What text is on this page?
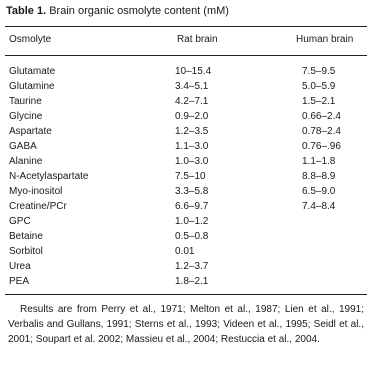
Table 1. Brain organic osmolyte content (mM)
Osmolyte	Rat brain	Human brain
Glutamate	10–15.4	7.5–9.5
Glutamine	3.4–5.1	5.0–5.9
Taurine	4.2–7.1	1.5–2.1
Glycine	0.9–2.0	0.66–2.4
Aspartate	1.2–3.5	0.78–2.4
GABA	1.1–3.0	0.76–.96
Alanine	1.0–3.0	1.1–1.8
N-Acetylaspartate	7.5–10	8.8–8.9
Myo-inositol	3.3–5.8	6.5–9.0
Creatine/PCr	6.6–9.7	7.4–8.4
GPC	1.0–1.2
Betaine	0.5–0.8
Sorbitol	0.01
Urea	1.2–3.7
PEA	1.8–2.1
Results are from Perry et al., 1971; Melton et al., 1987; Lien et al., 1991; Verbalis and Gullans, 1991; Sterns et al., 1993; Videen et al., 1995; Seidl et al., 2001; Soupart et al. 2002; Massieu et al., 2004; Restuccia et al., 2004.
